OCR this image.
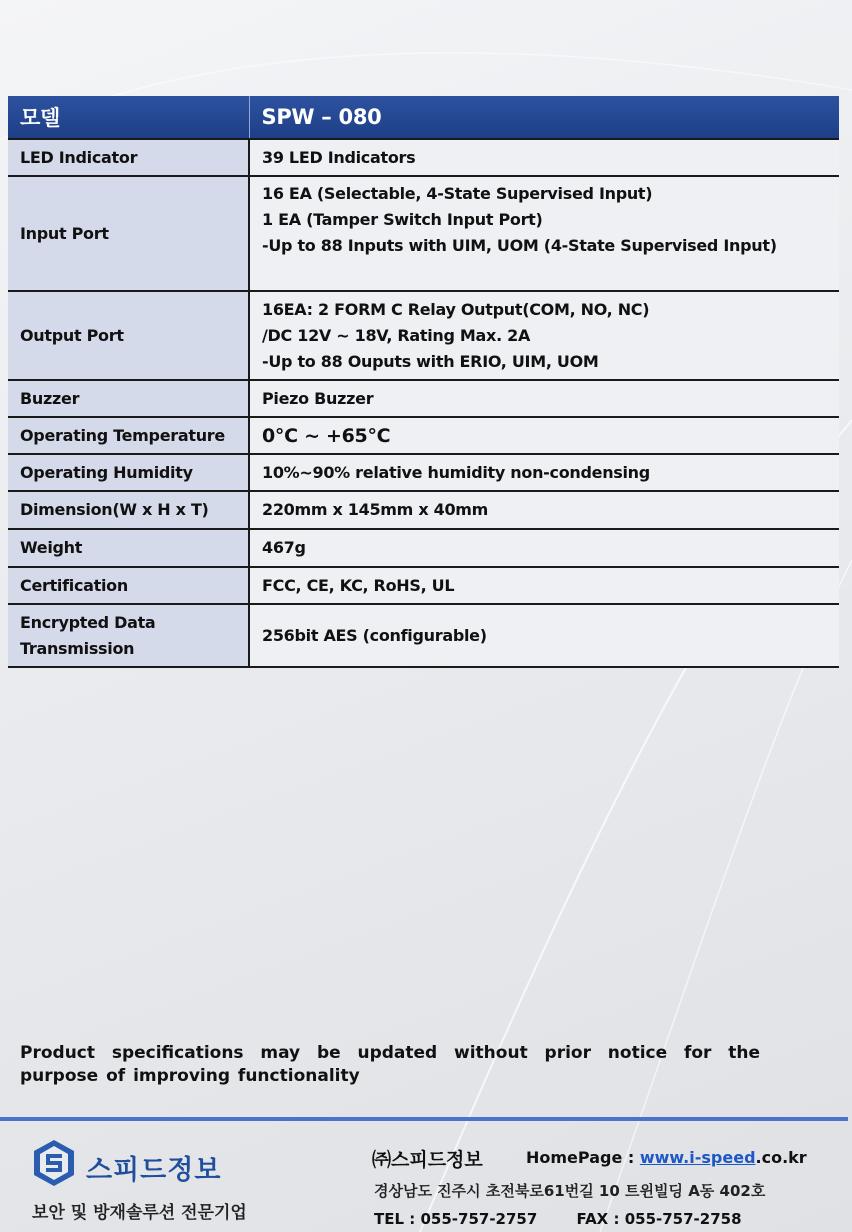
모델	SPW – 080
LED Indicator	39 LED Indicators

Input Port	16 EA (Selectable, 4-State Supervised Input)
1 EA (Tamper Switch Input Port)
-Up to 88 Inputs with UIM, UOM (4-State Supervised Input)

Output Port	16EA: 2 FORM C Relay Output(COM, NO, NC)
/DC 12V ~ 18V, Rating Max. 2A
-Up to 88 Ouputs with ERIO, UIM, UOM

Buzzer	Piezo Buzzer

Operating Temperature	0°C ~ +65°C

Operating Humidity	10%~90% relative humidity non-condensing

Dimension(W x H x T)	220mm x 145mm x 40mm

Weight	467g

Certification	FCC, CE, KC, RoHS, UL

Encrypted Data Transmission	256bit AES (configurable)
Product specifications may be updated without prior notice for the purpose of improving functionality
스피드정보
보안 및 방재솔루션 전문기업
㈜스피드정보	HomePage : www.i-speed.co.kr
경상남도 진주시 초전북로61번길 10 트윈빌딩 A동 402호
TEL : 055-757-2757	FAX : 055-757-2758
